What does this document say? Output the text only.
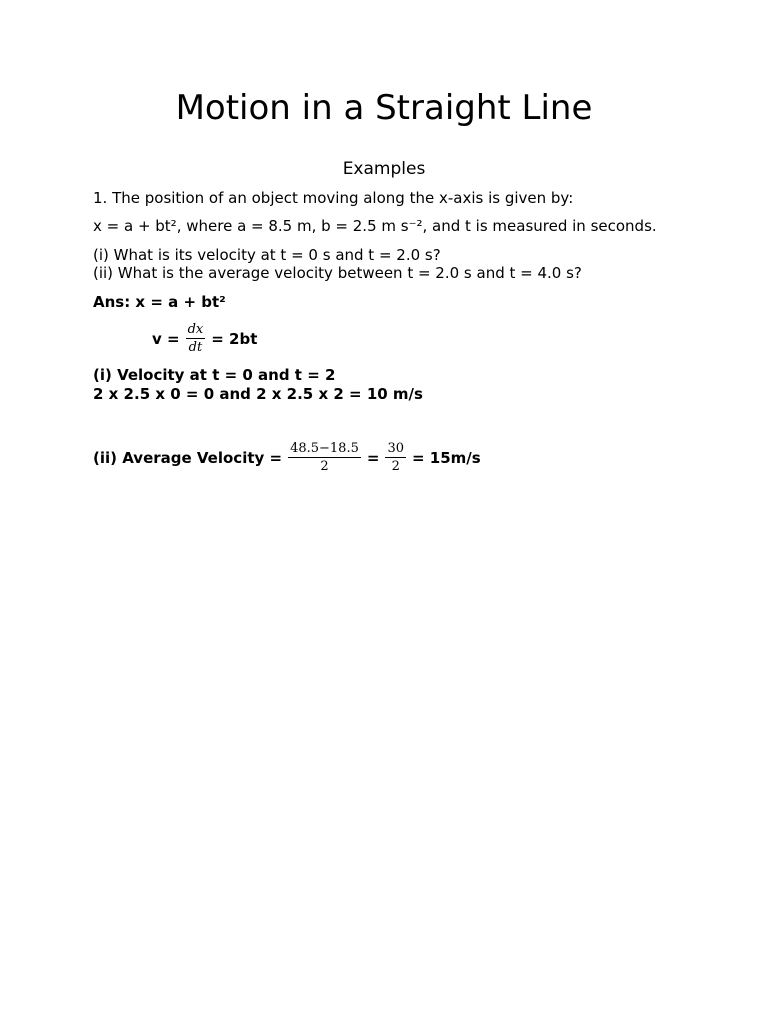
Motion in a Straight Line
Examples
1. The position of an object moving along the x-axis is given by:
x = a + bt², where a = 8.5 m, b = 2.5 m s⁻², and t is measured in seconds.
(i) What is its velocity at t = 0 s and t = 2.0 s?
(ii) What is the average velocity between t = 2.0 s and t = 4.0 s?
Ans: x = a + bt²
$v = \frac{dx}{dt} = 2bt$
(i) Velocity at t = 0 and t = 2
2 x 2.5 x 0 = 0 and 2 x 2.5 x 2 = 10 m/s
(ii) Average Velocity = $\frac{48.5-18.5}{2} = \frac{30}{2} = 15m/s$
